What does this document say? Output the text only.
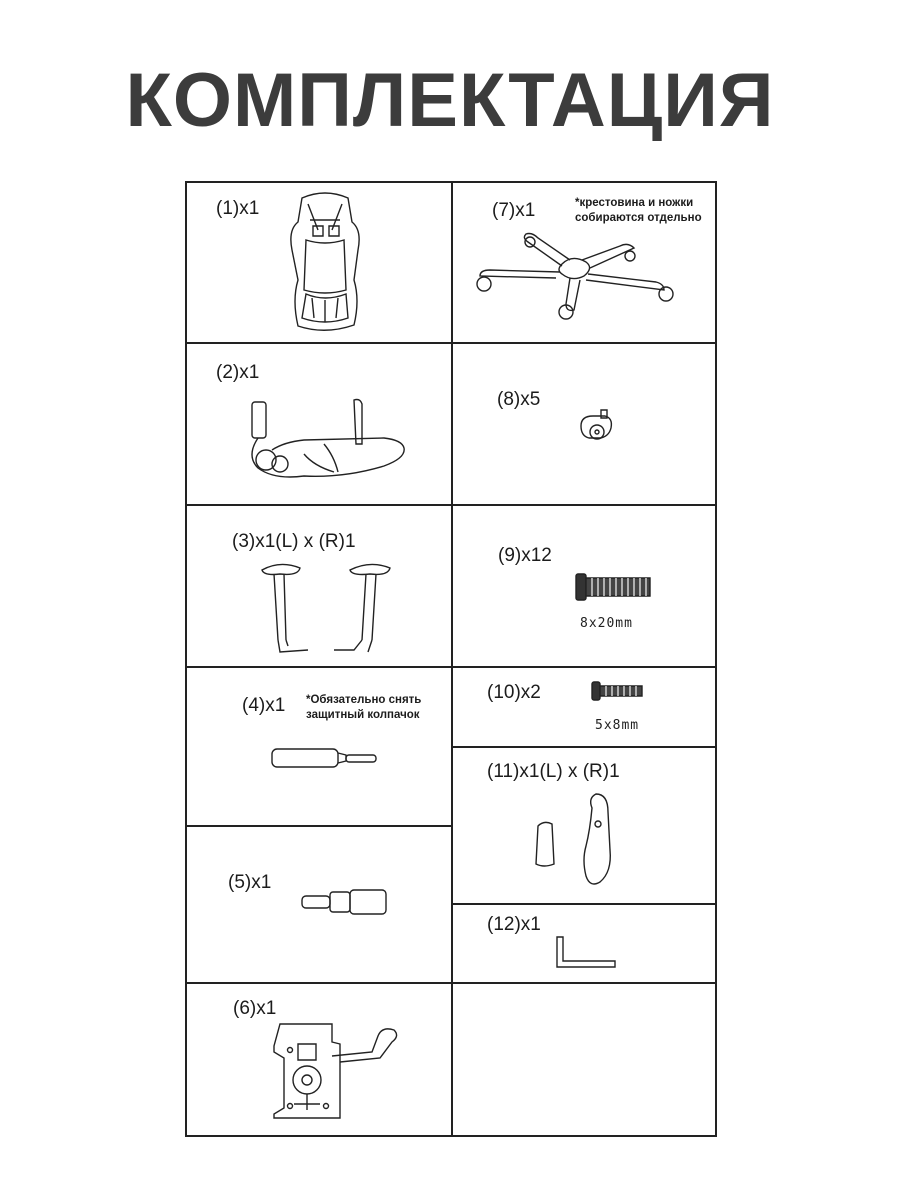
КОМПЛЕКТАЦИЯ
(1)x1
(2)x1
(3)x1(L) x (R)1
(4)x1 *Обязательно снять
защитный колпачок
(5)x1
(6)x1
(7)x1	*крестовина и ножки
собираются отдельно
(8)x5
(9)x12
8x20mm
(10)x2
5x8mm
(11)x1(L) x (R)1
(12)x1
